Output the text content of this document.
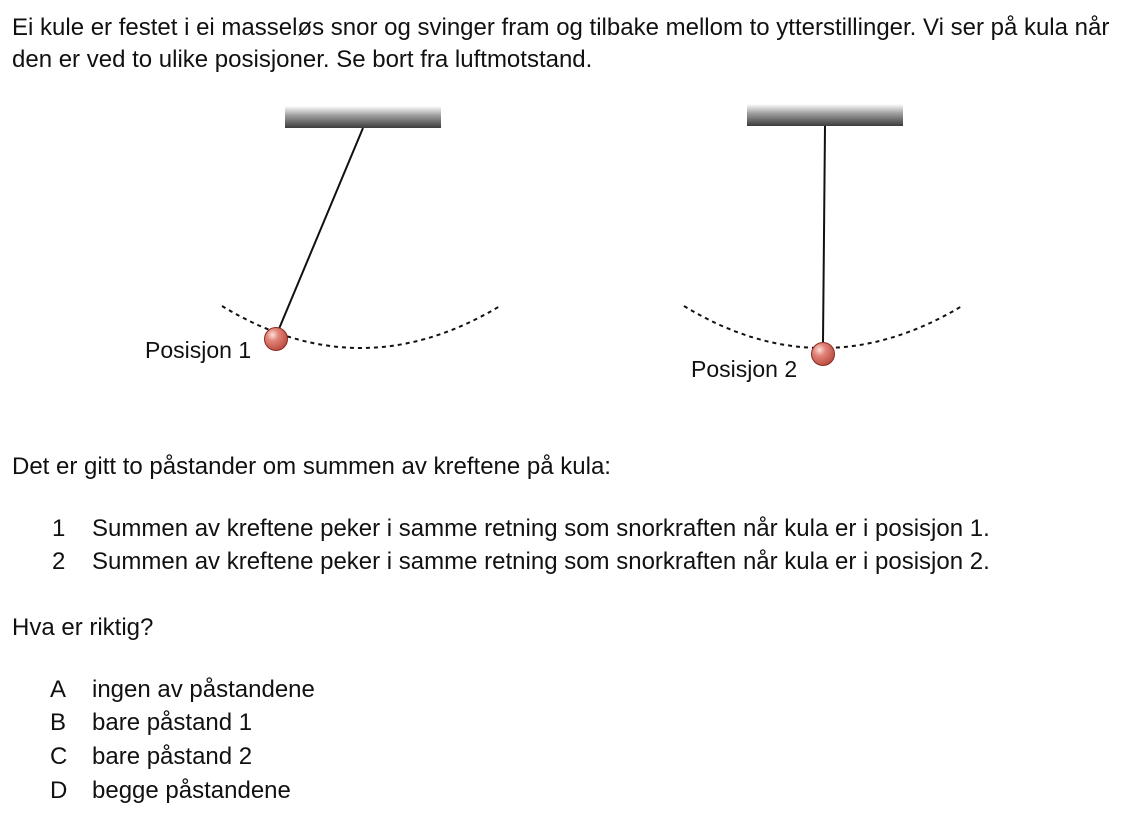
Ei kule er festet i ei masseløs snor og svinger fram og tilbake mellom to ytterstillinger. Vi ser på kula når den er ved to ulike posisjoner. Se bort fra luftmotstand.
Posisjon 1
Posisjon 2
Det er gitt to påstander om summen av kreftene på kula:
1 Summen av kreftene peker i samme retning som snorkraften når kula er i posisjon 1.
2 Summen av kreftene peker i samme retning som snorkraften når kula er i posisjon 2.
Hva er riktig?
A ingen av påstandene
B bare påstand 1
C bare påstand 2
D begge påstandene
